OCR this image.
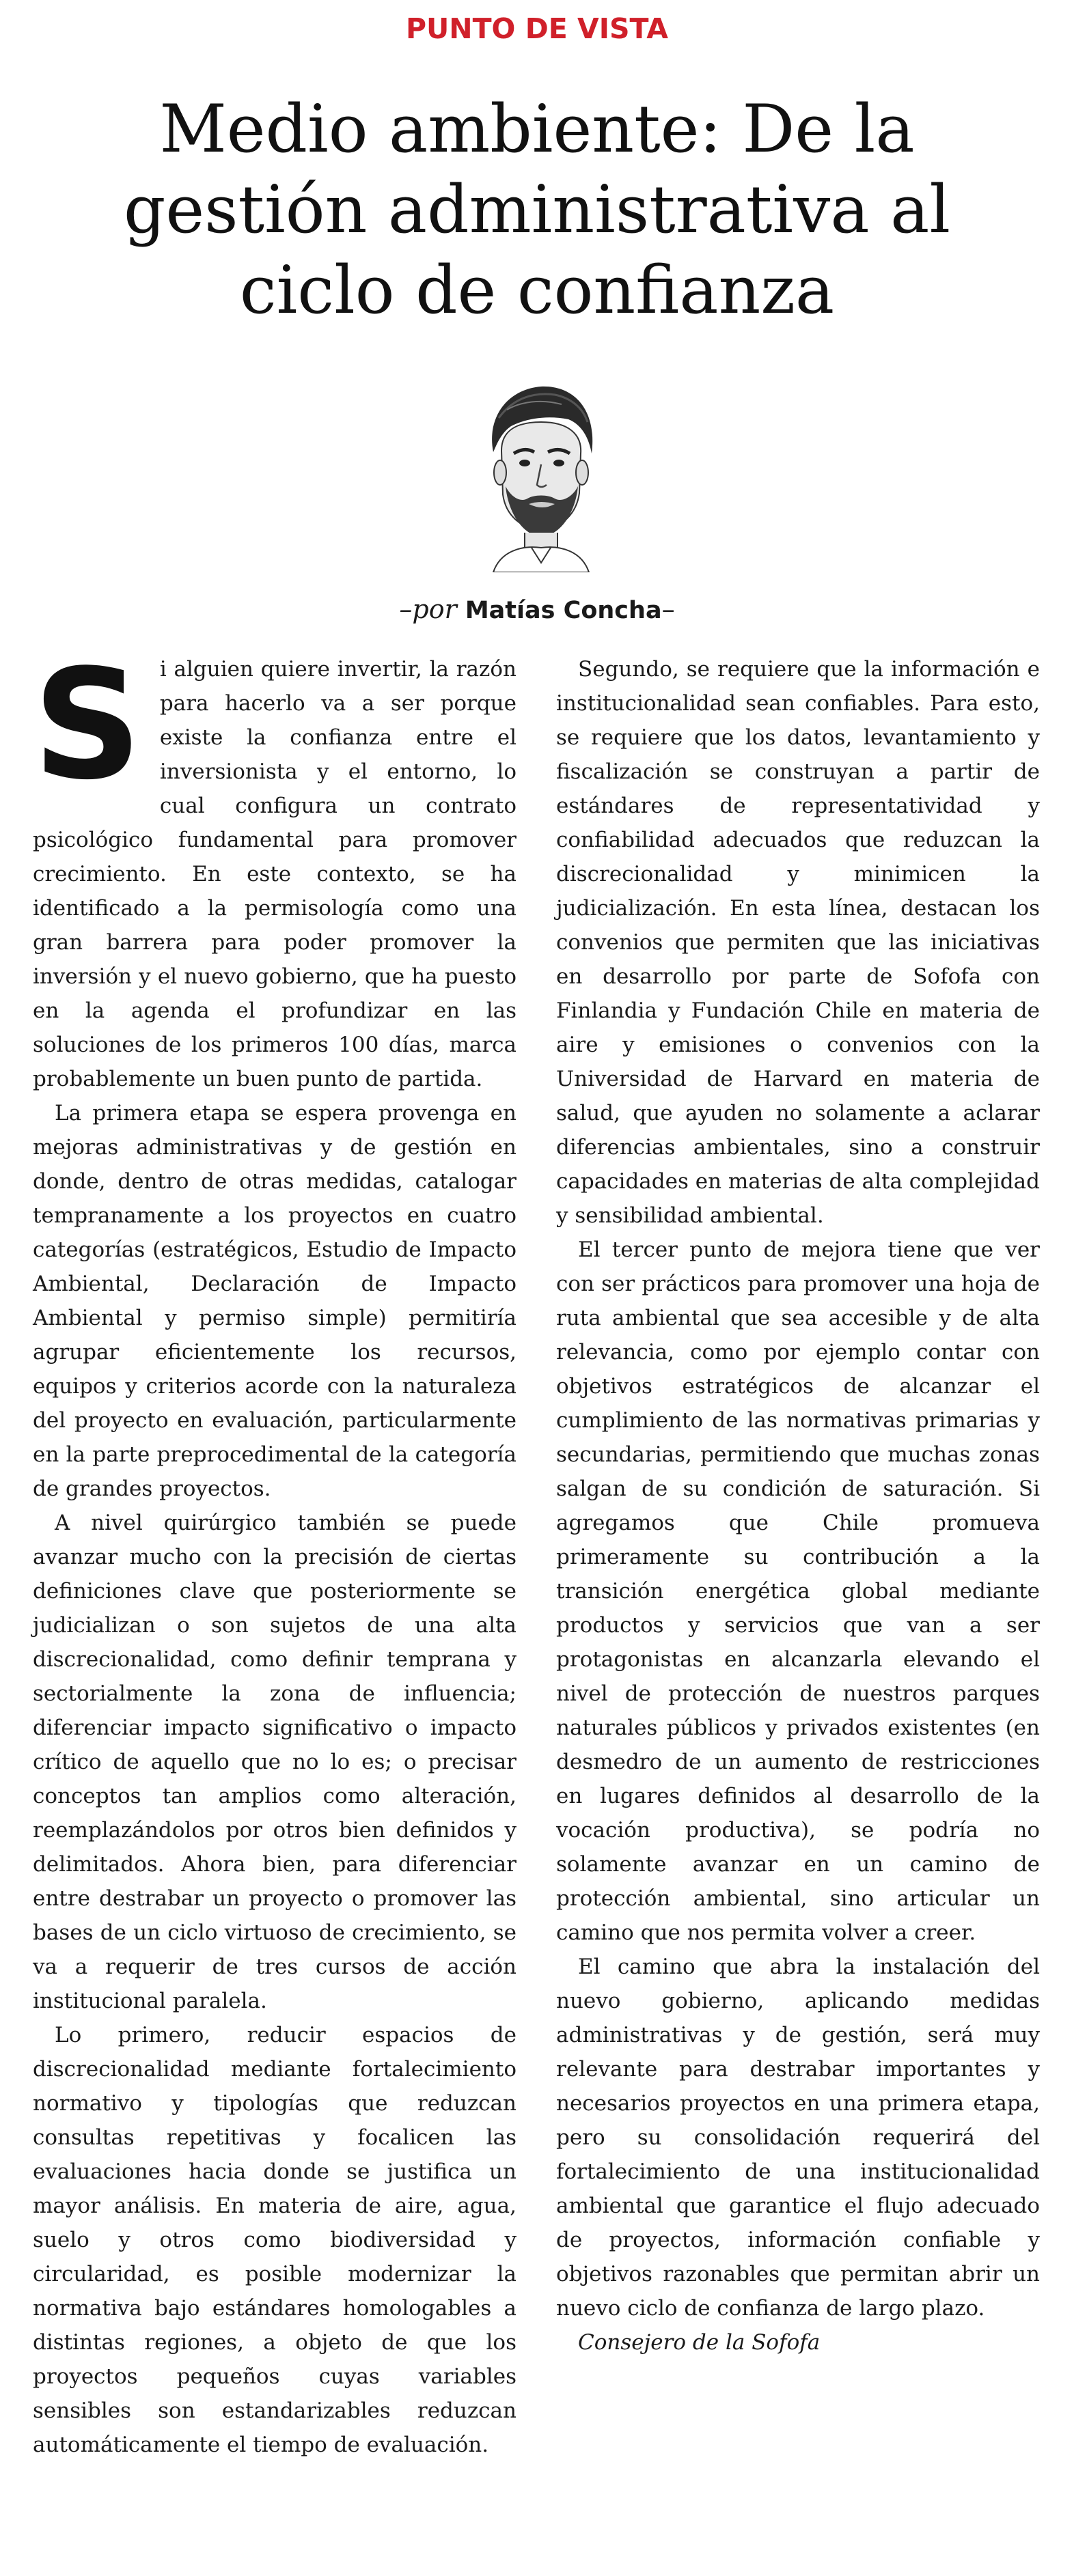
PUNTO DE VISTA
Medio ambiente: De la
gestión administrativa al
ciclo de confianza
–por Matías Concha–

Si alguien quiere invertir, la razón para hacerlo va a ser porque existe la confianza entre el inversionista y el entorno, lo cual configura un contrato psicológico fundamental para promover crecimiento. En este contexto, se ha identificado a la permisología como una gran barrera para poder promover la inversión y el nuevo gobierno, que ha puesto en la agenda el profundizar en las soluciones de los primeros 100 días, marca probablemente un buen punto de partida.

La primera etapa se espera provenga en mejoras administrativas y de gestión en donde, dentro de otras medidas, catalogar tempranamente a los proyectos en cuatro categorías (estratégicos, Estudio de Impacto Ambiental, Declaración de Impacto Ambiental y permiso simple) permitiría agrupar eficientemente los recursos, equipos y criterios acorde con la naturaleza del proyecto en evaluación, particularmente en la parte preprocedimental de la categoría de grandes proyectos.

A nivel quirúrgico también se puede avanzar mucho con la precisión de ciertas definiciones clave que posteriormente se judicializan o son sujetos de una alta discrecionalidad, como definir temprana y sectorialmente la zona de influencia; diferenciar impacto significativo o impacto crítico de aquello que no lo es; o precisar conceptos tan amplios como alteración, reemplazándolos por otros bien definidos y delimitados. Ahora bien, para diferenciar entre destrabar un proyecto o promover las bases de un ciclo virtuoso de crecimiento, se va a requerir de tres cursos de acción institucional paralela.

Lo primero, reducir espacios de discrecionalidad mediante fortalecimiento normativo y tipologías que reduzcan consultas repetitivas y focalicen las evaluaciones hacia donde se justifica un mayor análisis. En materia de aire, agua, suelo y otros como biodiversidad y circularidad, es posible modernizar la normativa bajo estándares homologables a distintas regiones, a objeto de que los proyectos pequeños cuyas variables sensibles son estandarizables reduzcan automáticamente el tiempo de evaluación.

Segundo, se requiere que la información e institucionalidad sean confiables. Para esto, se requiere que los datos, levantamiento y fiscalización se construyan a partir de estándares de representatividad y confiabilidad adecuados que reduzcan la discrecionalidad y minimicen la judicialización. En esta línea, destacan los convenios que permiten que las iniciativas en desarrollo por parte de Sofofa con Finlandia y Fundación Chile en materia de aire y emisiones o convenios con la Universidad de Harvard en materia de salud, que ayuden no solamente a aclarar diferencias ambientales, sino a construir capacidades en materias de alta complejidad y sensibilidad ambiental.

El tercer punto de mejora tiene que ver con ser prácticos para promover una hoja de ruta ambiental que sea accesible y de alta relevancia, como por ejemplo contar con objetivos estratégicos de alcanzar el cumplimiento de las normativas primarias y secundarias, permitiendo que muchas zonas salgan de su condición de saturación. Si agregamos que Chile promueva primeramente su contribución a la transición energética global mediante productos y servicios que van a ser protagonistas en alcanzarla elevando el nivel de protección de nuestros parques naturales públicos y privados existentes (en desmedro de un aumento de restricciones en lugares definidos al desarrollo de la vocación productiva), se podría no solamente avanzar en un camino de protección ambiental, sino articular un camino que nos permita volver a creer.

El camino que abra la instalación del nuevo gobierno, aplicando medidas administrativas y de gestión, será muy relevante para destrabar importantes y necesarios proyectos en una primera etapa, pero su consolidación requerirá del fortalecimiento de una institucionalidad ambiental que garantice el flujo adecuado de proyectos, información confiable y objetivos razonables que permitan abrir un nuevo ciclo de confianza de largo plazo.

Consejero de la Sofofa
